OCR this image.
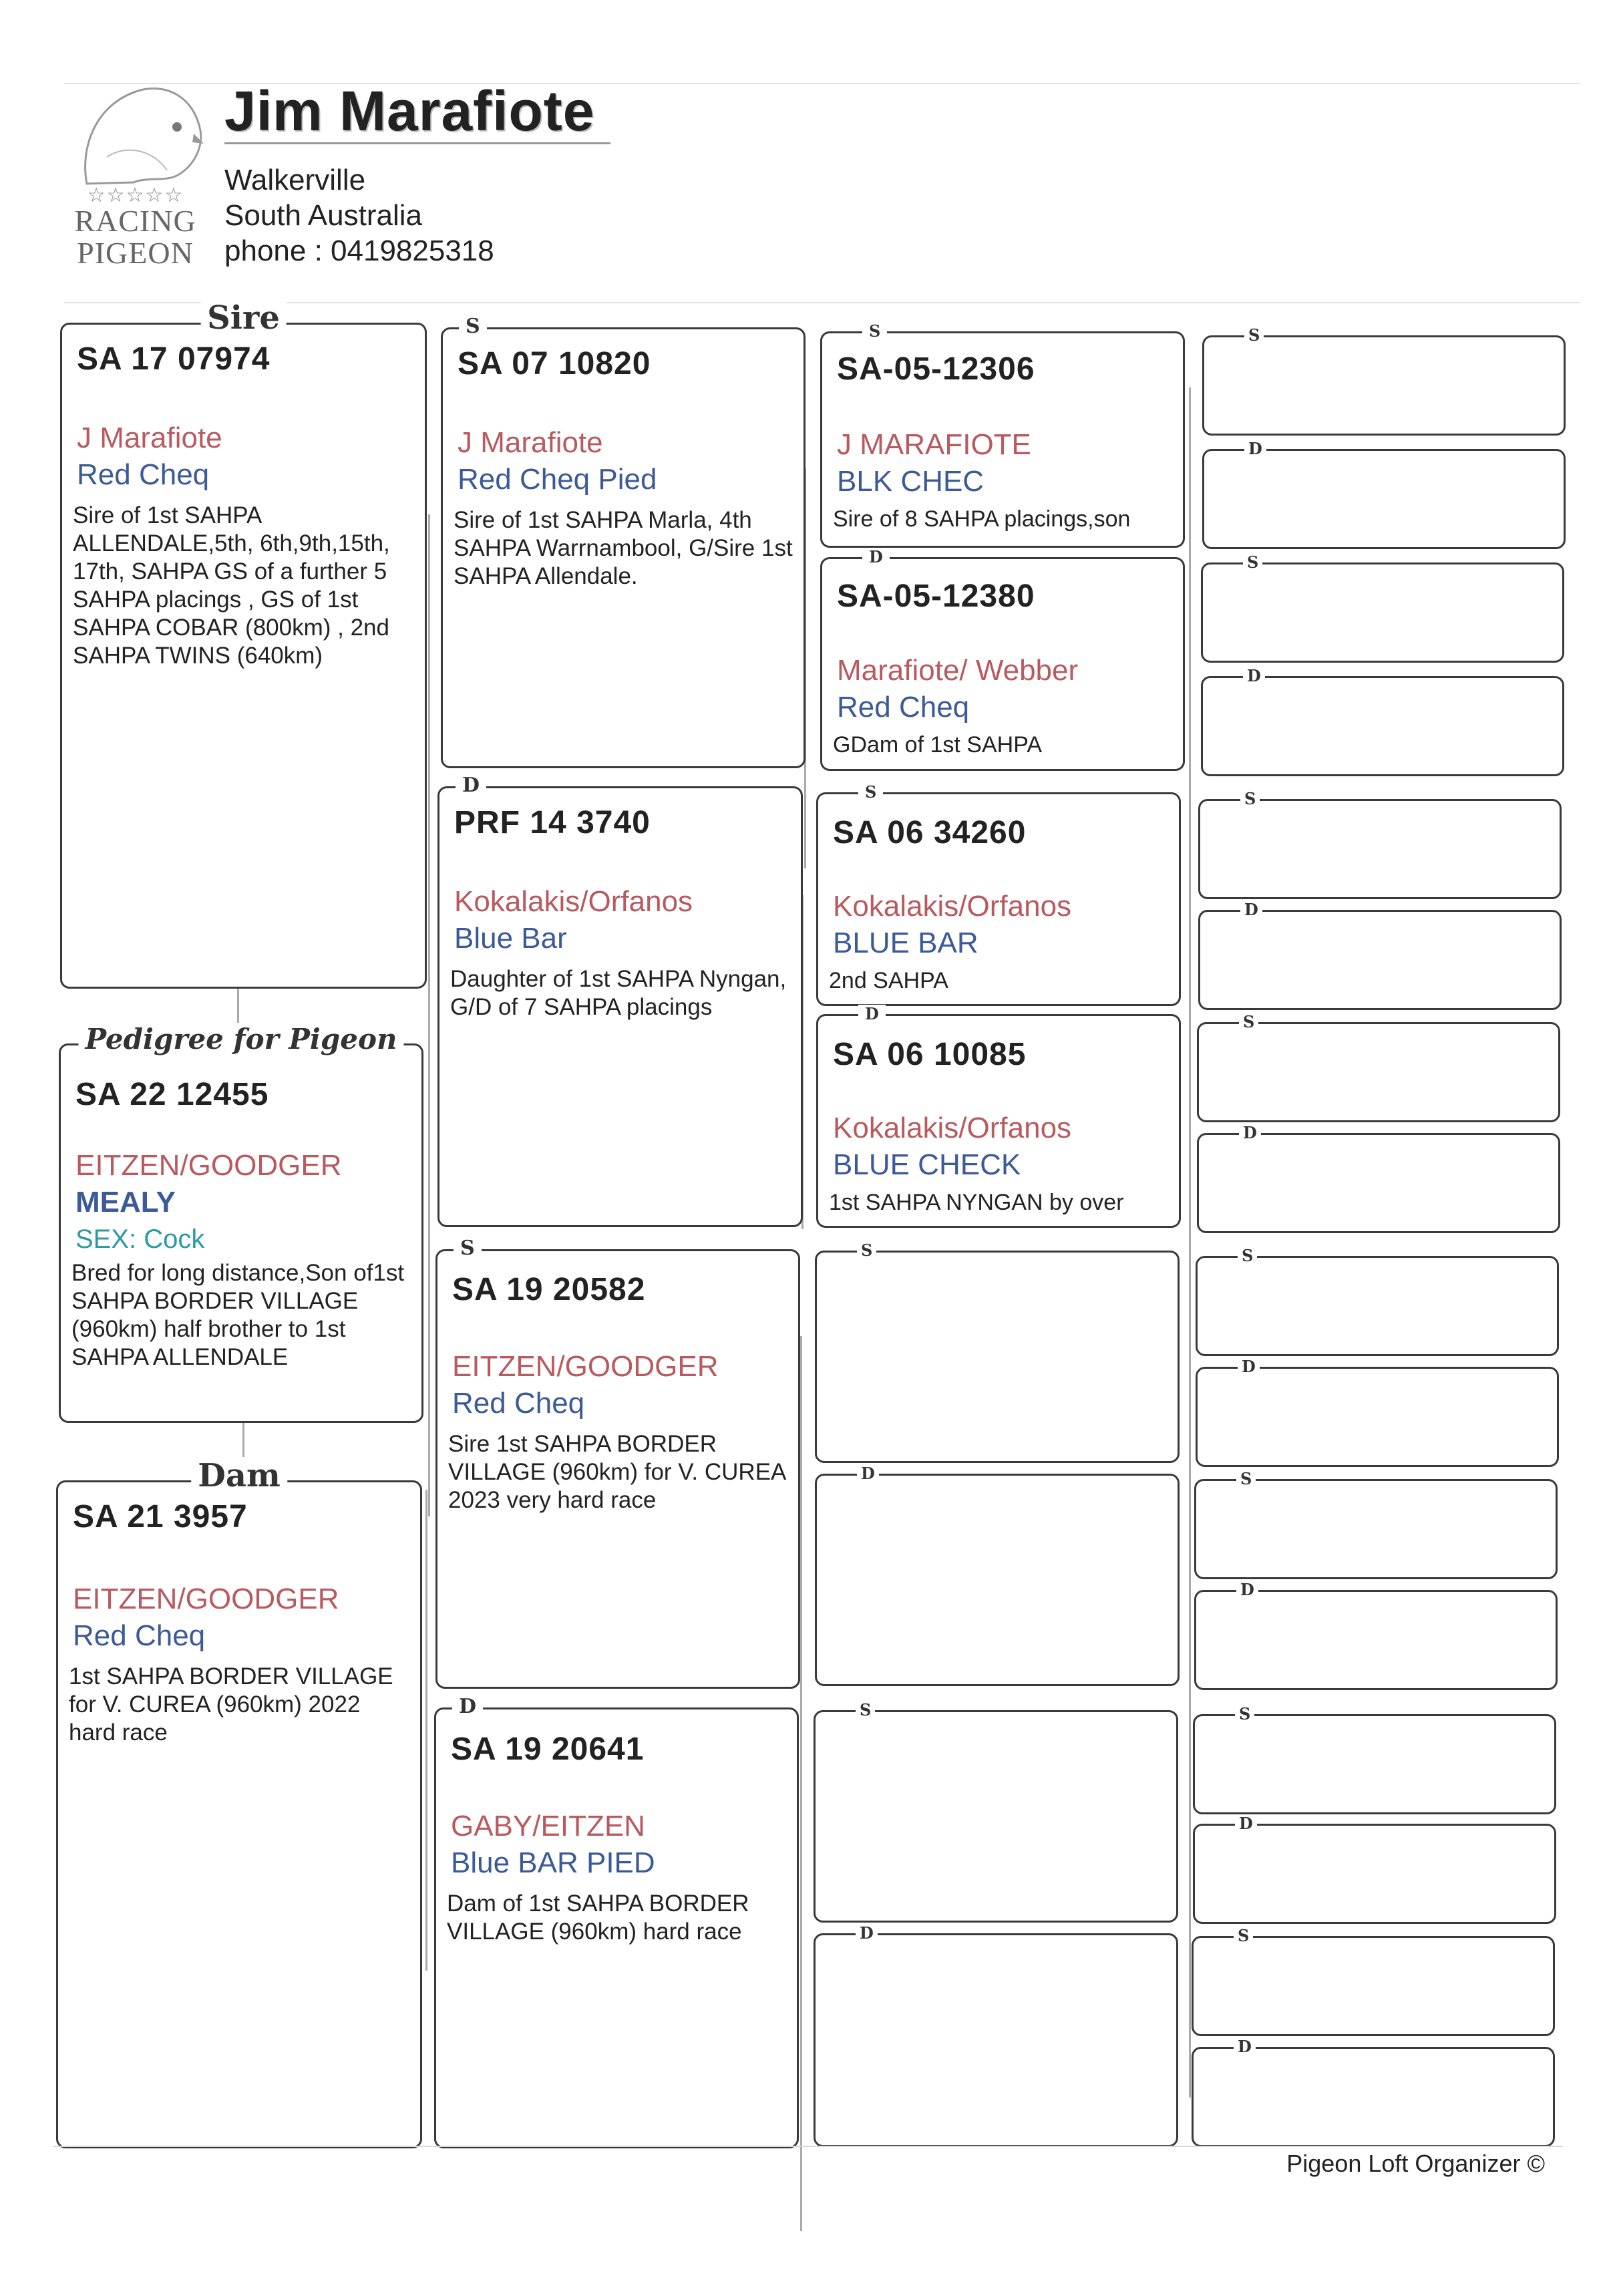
☆☆☆☆☆
RACING
PIGEON
Jim Marafiote
Walkerville
South Australia
phone : 0419825318
Sire
SA 17 07974
J Marafiote
Red Cheq
Sire of 1st SAHPA ALLENDALE,5th, 6th,9th,15th, 17th, SAHPA GS of a further 5 SAHPA placings , GS of 1st SAHPA COBAR (800km) , 2nd SAHPA TWINS (640km)
Pedigree for Pigeon
SA 22 12455
EITZEN/GOODGER
MEALY
SEX: Cock
Bred for long distance,Son of1st SAHPA BORDER VILLAGE (960km) half brother to 1st SAHPA ALLENDALE
Dam
SA 21 3957
EITZEN/GOODGER
Red Cheq
1st SAHPA BORDER VILLAGE for V. CUREA (960km) 2022 hard race
S
SA 07 10820
J Marafiote
Red Cheq Pied
Sire of 1st SAHPA Marla, 4th SAHPA Warrnambool, G/Sire 1st SAHPA Allendale.
D
PRF 14 3740
Kokalakis/Orfanos
Blue Bar
Daughter of 1st SAHPA Nyngan, G/D of 7 SAHPA placings
S
SA 19 20582
EITZEN/GOODGER
Red Cheq
Sire 1st SAHPA BORDER VILLAGE (960km) for V. CUREA 2023 very hard race
D
SA 19 20641
GABY/EITZEN
Blue BAR PIED
Dam of 1st SAHPA BORDER VILLAGE (960km) hard race
S
SA-05-12306
J MARAFIOTE
BLK CHEC
Sire of 8 SAHPA placings,son
D
SA-05-12380
Marafiote/ Webber
Red Cheq
GDam of 1st SAHPA
S
SA 06 34260
Kokalakis/Orfanos
BLUE BAR
2nd SAHPA
D
SA 06 10085
Kokalakis/Orfanos
BLUE CHECK
1st SAHPA NYNGAN by over
S
D
S
D
S
D
S
D
S
D
S
D
S
D
S
D
S
D
S
D
Pigeon Loft Organizer ©
